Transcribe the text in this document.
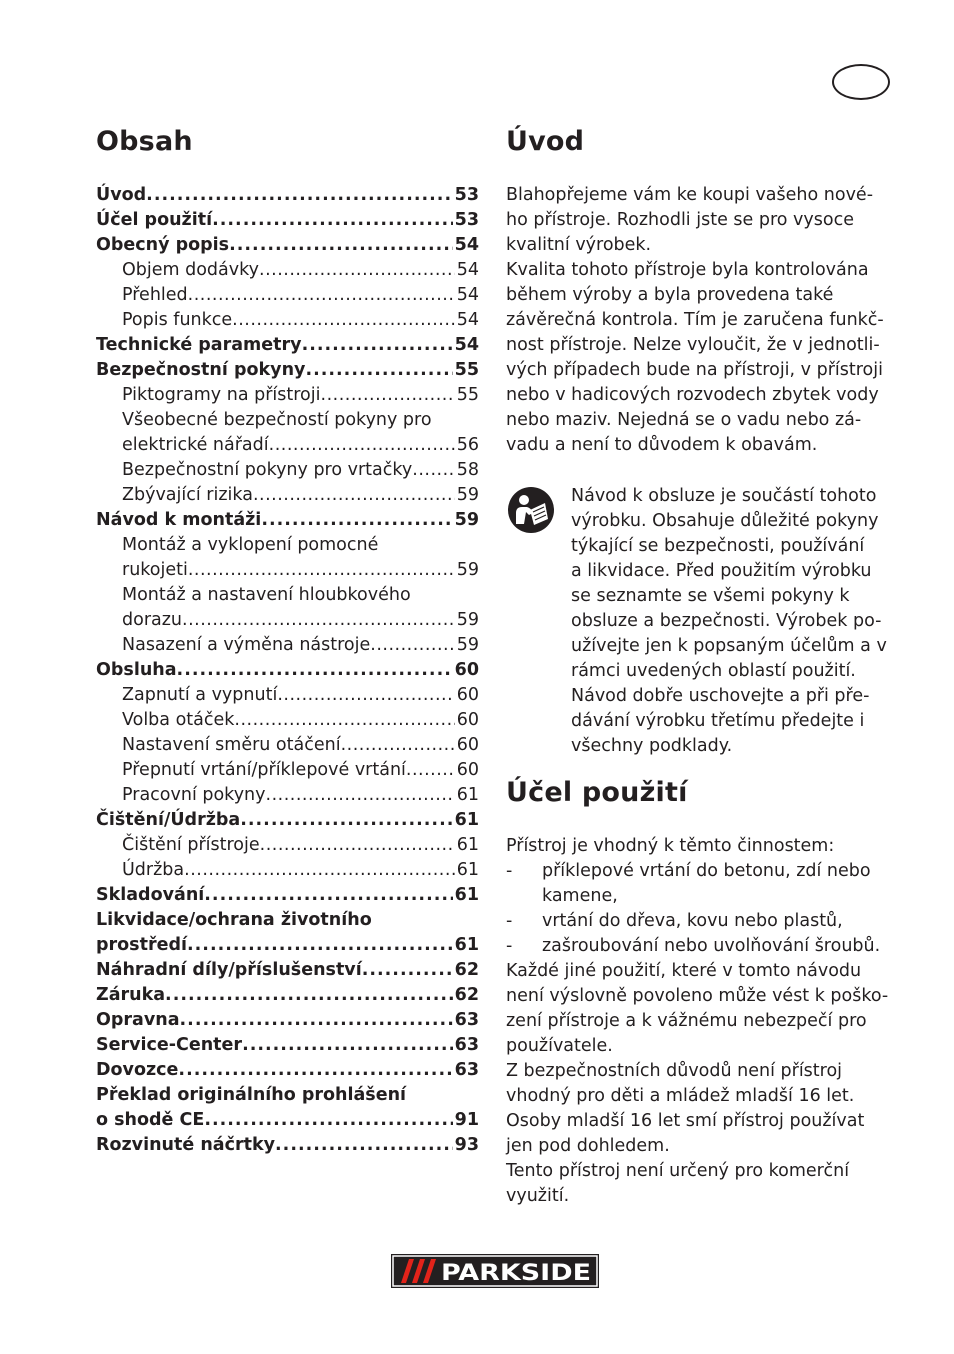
Obsah
Úvod .....	53
Účel použití .....	53
Obecný popis .....	54
Objem dodávky .....	54
Přehled .....	54
Popis funkce .....	54
Technické parametry .....	54
Bezpečnostní pokyny .....	55
Piktogramy na přístroji .....	55
Všeobecné bezpečností pokyny pro
elektrické nářadí .....	56
Bezpečnostní pokyny pro vrtačky .....	58
Zbývající rizika .....	59
Návod k montáži .....	59
Montáž a vyklopení pomocné
rukojeti .....	59
Montáž a nastavení hloubkového
dorazu .....	59
Nasazení a výměna nástroje .....	59
Obsluha .....	60
Zapnutí a vypnutí .....	60
Volba otáček .....	60
Nastavení směru otáčení .....	60
Přepnutí vrtání/příklepové vrtání .....	60
Pracovní pokyny .....	61
Čištění/Údržba .....	61
Čištění přístroje .....	61
Údržba .....	61
Skladování .....	61
Likvidace/ochrana životního
prostředí .....	61
Náhradní díly/příslušenství .....	62
Záruka .....	62
Opravna .....	63
Service-Center .....	63
Dovozce .....	63
Překlad originálního prohlášení
o shodě CE .....	91
Rozvinuté náčrtky .....	93
Úvod

Blahopřejeme vám ke koupi vašeho nové-

ho přístroje. Rozhodli jste se pro vysoce

kvalitní výrobek.

Kvalita tohoto přístroje byla kontrolována

během výroby a byla provedena také

závěrečná kontrola. Tím je zaručena funkč-

nost přístroje. Nelze vyloučit, že v jednotli-

vých případech bude na přístroji, v přístroji

nebo v hadicových rozvodech zbytek vody

nebo maziv. Nejedná se o vadu nebo zá-

vadu a není to důvodem k obavám.

Návod k obsluze je součástí tohoto
výrobku. Obsahuje důležité pokyny
týkající se bezpečnosti, používání
a likvidace. Před použitím výrobku
se seznamte se všemi pokyny k
obsluze a bezpečnosti. Výrobek po-
užívejte jen k popsaným účelům a v
rámci uvedených oblastí použití.
Návod dobře uschovejte a při pře-
dávání výrobku třetímu předejte i
všechny podklady.
Účel použití

Přístroj je vhodný k těmto činnostem:

- příklepové vrtání do betonu, zdí nebo kamene,
- vrtání do dřeva, kovu nebo plastů,
- zašroubování nebo uvolňování šroubů.

Každé jiné použití, které v tomto návodu

není výslovně povoleno může vést k poško-

zení přístroje a k vážnému nebezpečí pro

používatele.

Z bezpečnostních důvodů není přístroj

vhodný pro děti a mládež mladší 16 let.

Osoby mladší 16 let smí přístroj používat

jen pod dohledem.

Tento přístroj není určený pro komerční

využití.

PARKSIDE
